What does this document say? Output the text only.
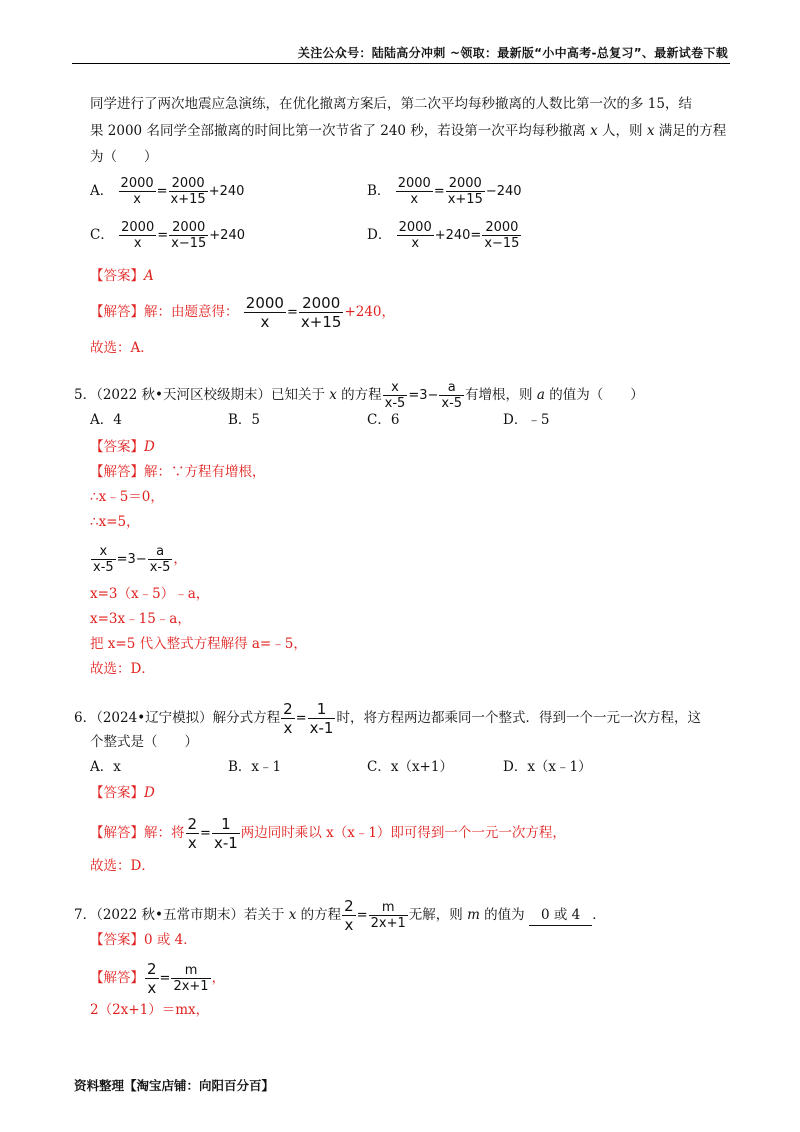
关注公众号：陆陆高分冲刺 ~领取：最新版“小中高考-总复习”、最新试卷下载
同学进行了两次地震应急演练，在优化撤离方案后，第二次平均每秒撤离的人数比第一次的多 15，结
果 2000 名同学全部撤离的时间比第一次节省了 240 秒，若设第一次平均每秒撤离 x 人，则 x 满足的方程
为（　　）
A． $\frac{2000}{x} = \frac{2000}{x+15} +240$	B． $\frac{2000}{x} = \frac{2000}{x+15} -240$
C． $\frac{2000}{x} = \frac{2000}{x-15} +240$	D． $\frac{2000}{x} +240= \frac{2000}{x-15}$
【答案】A
【解答】解：由题意得： $\frac{2000}{x} = \frac{2000}{x+15} +240$，
故选：A．
5．（2022 秋•天河区校级期末）已知关于 x 的方程 $\frac{x}{x-5} =3- \frac{a}{x-5}$ 有增根，则 a 的值为（　　）
A．4	B．5	C．6	D．﹣5
【答案】D
【解答】解：∵方程有增根，
∴x﹣5＝0，
∴x=5，
$\frac{x}{x-5} =3- \frac{a}{x-5}$ ，
x=3（x﹣5）﹣a，
x=3x﹣15﹣a，
把 x=5 代入整式方程解得 a=﹣5，
故选：D．
6．（2024•辽宁模拟）解分式方程 $\frac{2}{x} = \frac{1}{x-1}$ 时，将方程两边都乘同一个整式．得到一个一元一次方程，这
个整式是（　　）
A．x	B．x﹣1	C．x（x+1）	D．x（x﹣1）
【答案】D
【解答】解：将 $\frac{2}{x} = \frac{1}{x-1}$ 两边同时乘以 x（x﹣1）即可得到一个一元一次方程，
故选：D．
7．（2022 秋•五常市期末）若关于 x 的方程 $\frac{2}{x} = \frac{m}{2x+1}$ 无解，则 m 的值为 0 或 4 ．
【答案】0 或 4．
【解答】 $\frac{2}{x} = \frac{m}{2x+1}$ ，
2（2x+1）＝mx，
资料整理【淘宝店铺：向阳百分百】
